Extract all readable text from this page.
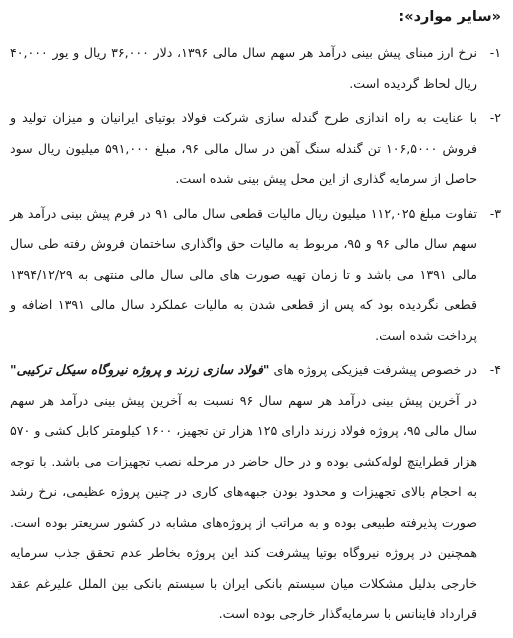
«سایر موارد»:
۱-
نرخ ارز مبنای پیش بینی درآمد هر سهم سال مالی ۱۳۹۶، دلار ۳۶,۰۰۰ ریال و یور ۴۰,۰۰۰ ریال لحاظ گردیده است.
۲-
با عنایت به راه اندازی طرح گندله سازی شرکت فولاد بوتیای ایرانیان و میزان تولید و فروش ۱۰۶,۵۰۰۰ تن گندله سنگ آهن در سال مالی ۹۶، مبلغ ۵۹۱,۰۰۰ میلیون ریال سود حاصل از سرمایه گذاری از این محل پیش بینی شده است.
۳-
تفاوت مبلغ ۱۱۲,۰۲۵ میلیون ریال مالیات قطعی سال مالی ۹۱ در فرم پیش بینی درآمد هر سهم سال مالی ۹۶ و ۹۵، مربوط به مالیات حق واگذاری ساختمان فروش رفته طی سال مالی ۱۳۹۱ می باشد و تا زمان تهیه صورت های مالی سال مالی منتهی به ۱۳۹۴/۱۲/۲۹ قطعی نگردیده بود که پس از قطعی شدن به مالیات عملکرد سال مالی ۱۳۹۱ اضافه و پرداخت شده است.
۴-
در خصوص پیشرفت فیزیکی پروژه های "فولاد سازی زرند و پروژه نیروگاه سیکل ترکیبی" در آخرین پیش بینی درآمد هر سهم سال ۹۶ نسبت به آخرین پیش بینی درآمد هر سهم سال مالی ۹۵، پروژه فولاد زرند دارای ۱۲۵ هزار تن تجهیز، ۱۶۰۰ کیلومتر کابل کشی و ۵۷۰ هزار قطرایتچ لوله‌کشی بوده و در حال حاضر در مرحله نصب تجهیزات می باشد. با توجه به احجام بالای تجهیزات و محدود بودن جبهه‌های کاری در چنین پروژه عظیمی، نرخ رشد صورت پذیرفته طبیعی بوده و به مراتب از پروژه‌های مشابه در کشور سریعتر بوده است. همچنین در پروژه نیروگاه بوتیا پیشرفت کند این پروژه بخاطر عدم تحقق جذب سرمایه خارجی بدلیل مشکلات میان سیستم بانکی ایران با سیستم بانکی بین الملل علیرغم عقد قرارداد فاینانس با سرمایه‌گذار خارجی بوده است.
